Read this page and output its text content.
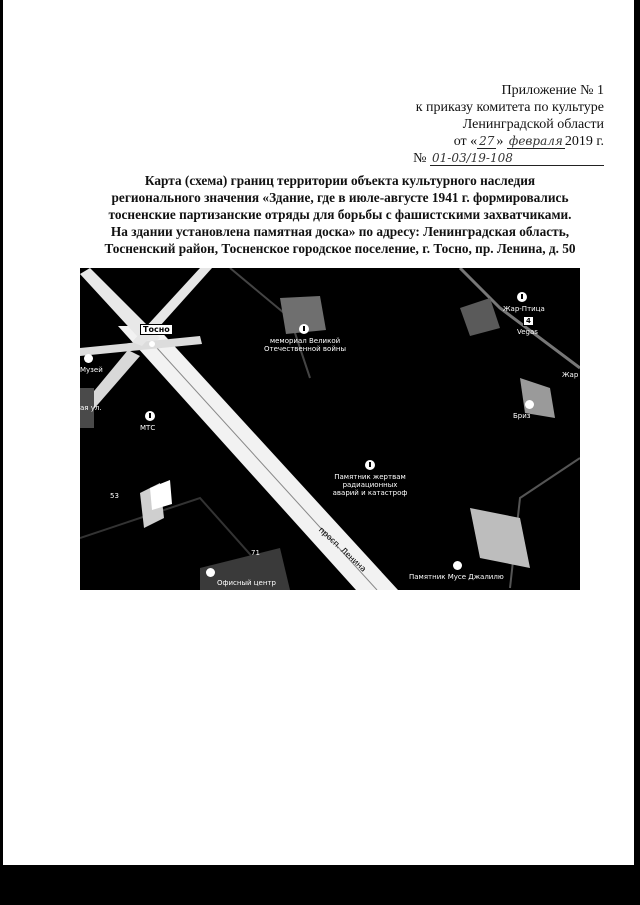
Приложение № 1
к приказу комитета по культуре
Ленинградской области
от « 27 » февраля 2019 г.
№ 01-03/19-108
Карта (схема) границ территории объекта культурного наследия
регионального значения «Здание, где в июле-августе 1941 г. формировались
тосненские партизанские отряды для борьбы с фашистскими захватчиками.
На здании установлена памятная доска» по адресу: Ленинградская область,
Тосненский район, Тосненское городское поселение, г. Тосно, пр. Ленина, д. 50
Тосно
мемориал Великой
Отечественной войны
Музей
ая ул.
МТС
Жар-Птица
4
Vegas
Жар
Бриз
Памятник жертвам
радиационных
аварий и катастроф
просп. Ленина
53
71
Офисный центр
Памятник Мусе Джалилю
